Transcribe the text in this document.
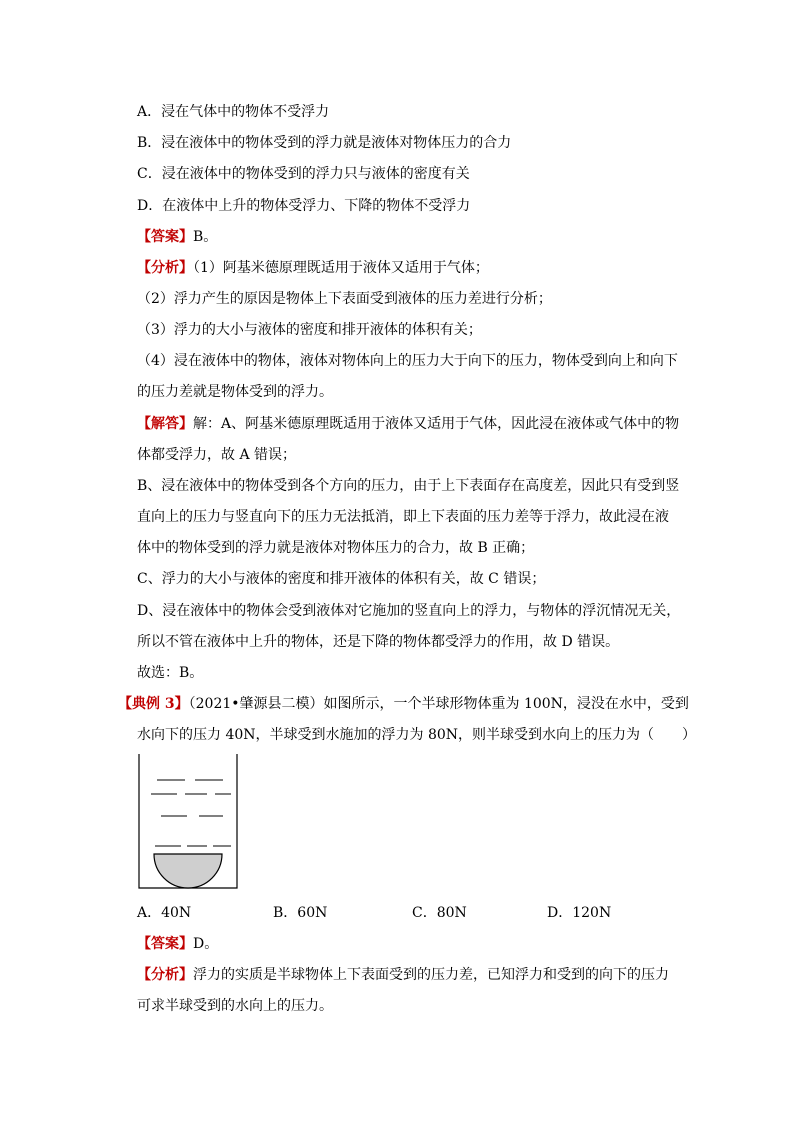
A．浸在气体中的物体不受浮力
B．浸在液体中的物体受到的浮力就是液体对物体压力的合力
C．浸在液体中的物体受到的浮力只与液体的密度有关
D．在液体中上升的物体受浮力、下降的物体不受浮力
【答案】B。
【分析】（1）阿基米德原理既适用于液体又适用于气体；
（2）浮力产生的原因是物体上下表面受到液体的压力差进行分析；
（3）浮力的大小与液体的密度和排开液体的体积有关；
（4）浸在液体中的物体，液体对物体向上的压力大于向下的压力，物体受到向上和向下
的压力差就是物体受到的浮力。
【解答】解：A、阿基米德原理既适用于液体又适用于气体，因此浸在液体或气体中的物
体都受浮力，故 A 错误；
B、浸在液体中的物体受到各个方向的压力，由于上下表面存在高度差，因此只有受到竖
直向上的压力与竖直向下的压力无法抵消，即上下表面的压力差等于浮力，故此浸在液
体中的物体受到的浮力就是液体对物体压力的合力，故 B 正确；
C、浮力的大小与液体的密度和排开液体的体积有关，故 C 错误；
D、浸在液体中的物体会受到液体对它施加的竖直向上的浮力，与物体的浮沉情况无关，
所以不管在液体中上升的物体，还是下降的物体都受浮力的作用，故 D 错误。
故选：B。
【典例 3】（2021•肇源县二模）如图所示，一个半球形物体重为 100N，浸没在水中，受到
水向下的压力 40N，半球受到水施加的浮力为 80N，则半球受到水向上的压力为（　　）
A．40N	B．60N	C．80N	D．120N
【答案】D。
【分析】浮力的实质是半球物体上下表面受到的压力差，已知浮力和受到的向下的压力
可求半球受到的水向上的压力。
